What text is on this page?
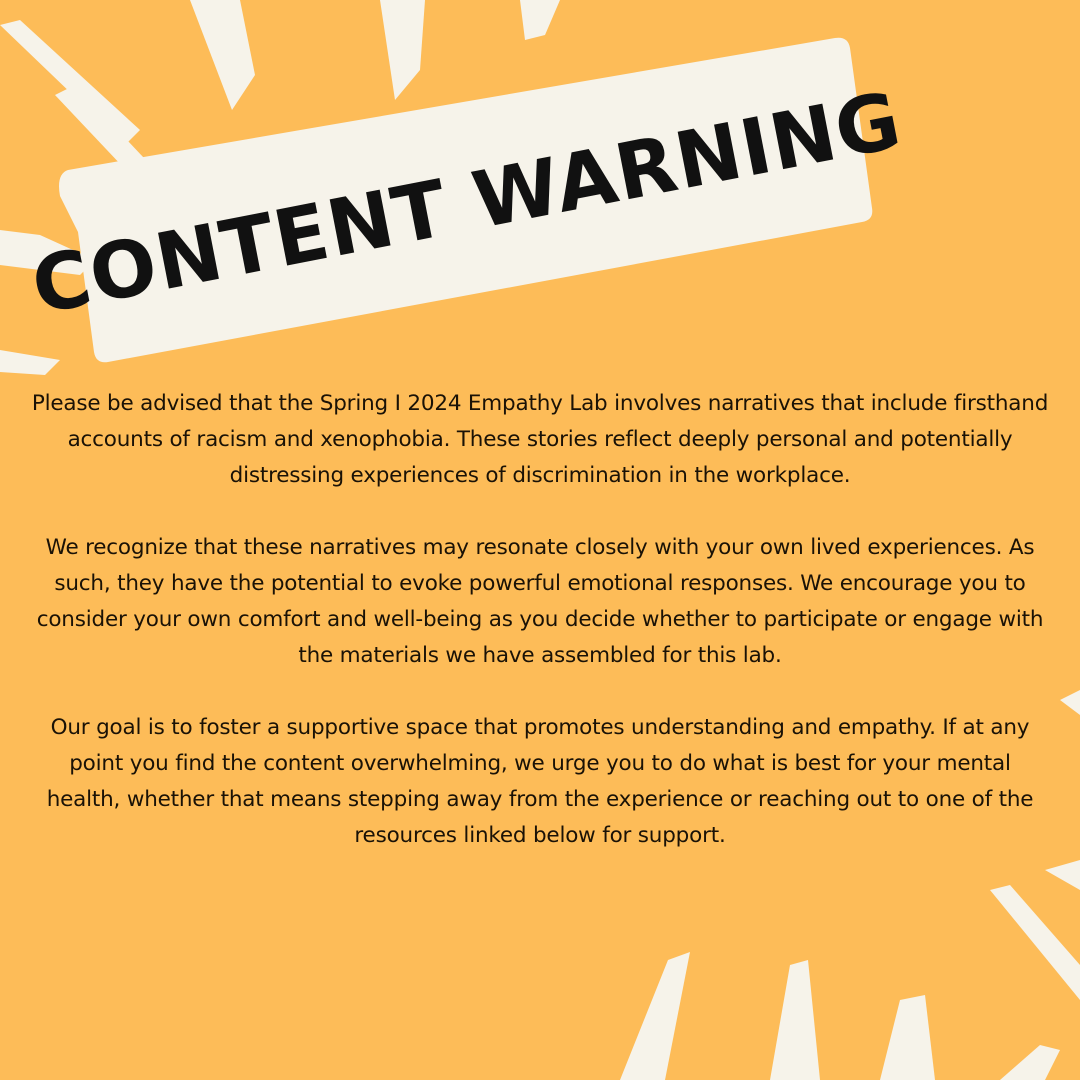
CONTENT WARNING

Please be advised that the Spring I 2024 Empathy Lab involves narratives that include firsthand accounts of racism and xenophobia. These stories reflect deeply personal and potentially distressing experiences of discrimination in the workplace.

We recognize that these narratives may resonate closely with your own lived experiences. As such, they have the potential to evoke powerful emotional responses. We encourage you to consider your own comfort and well-being as you decide whether to participate or engage with the materials we have assembled for this lab.

Our goal is to foster a supportive space that promotes understanding and empathy. If at any point you find the content overwhelming, we urge you to do what is best for your mental health, whether that means stepping away from the experience or reaching out to one of the resources linked below for support.
